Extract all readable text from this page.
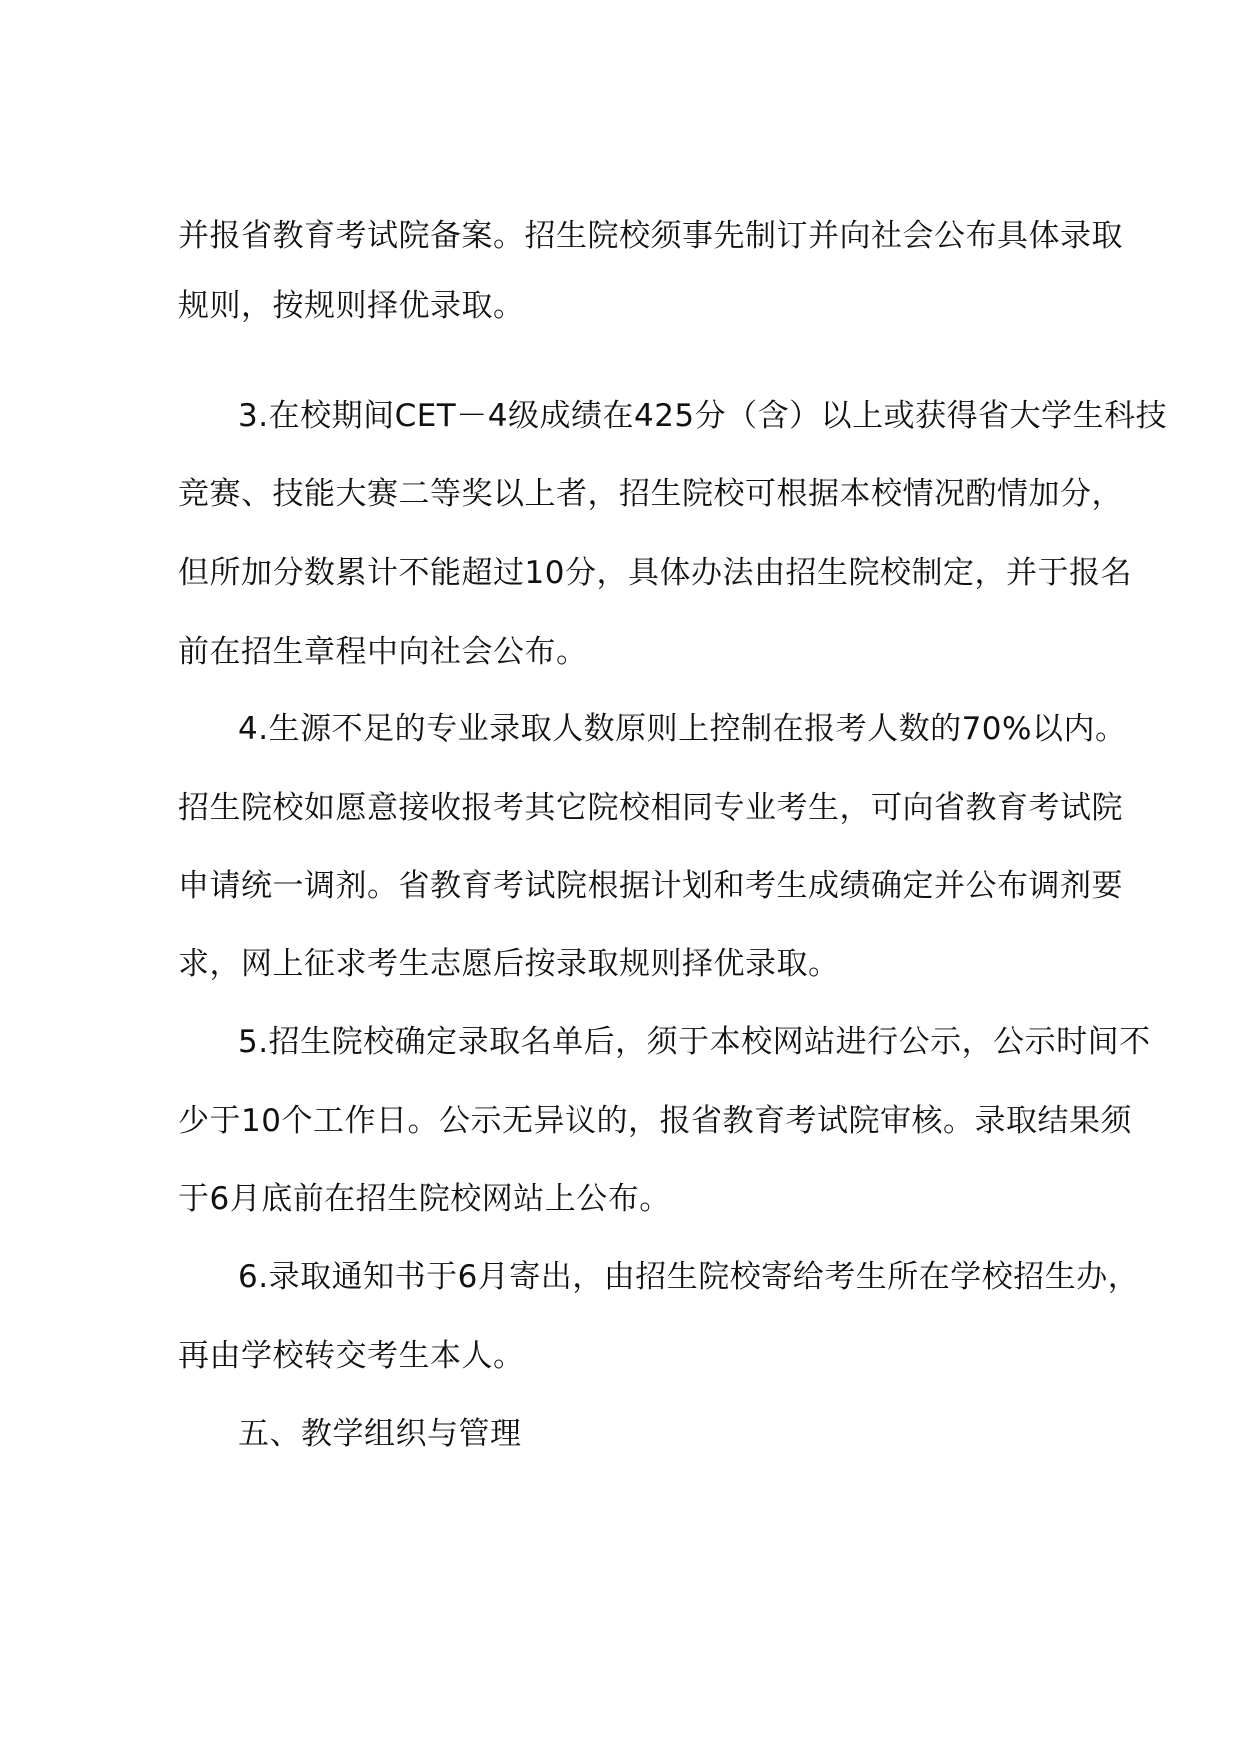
并报省教育考试院备案。招生院校须事先制订并向社会公布具体录取
规则，按规则择优录取。
3.在校期间CET－4级成绩在425分（含）以上或获得省大学生科技
竞赛、技能大赛二等奖以上者，招生院校可根据本校情况酌情加分，
但所加分数累计不能超过10分，具体办法由招生院校制定，并于报名
前在招生章程中向社会公布。
4.生源不足的专业录取人数原则上控制在报考人数的70%以内。
招生院校如愿意接收报考其它院校相同专业考生，可向省教育考试院
申请统一调剂。省教育考试院根据计划和考生成绩确定并公布调剂要
求，网上征求考生志愿后按录取规则择优录取。
5.招生院校确定录取名单后，须于本校网站进行公示，公示时间不
少于10个工作日。公示无异议的，报省教育考试院审核。录取结果须
于6月底前在招生院校网站上公布。
6.录取通知书于6月寄出，由招生院校寄给考生所在学校招生办，
再由学校转交考生本人。
五、教学组织与管理
